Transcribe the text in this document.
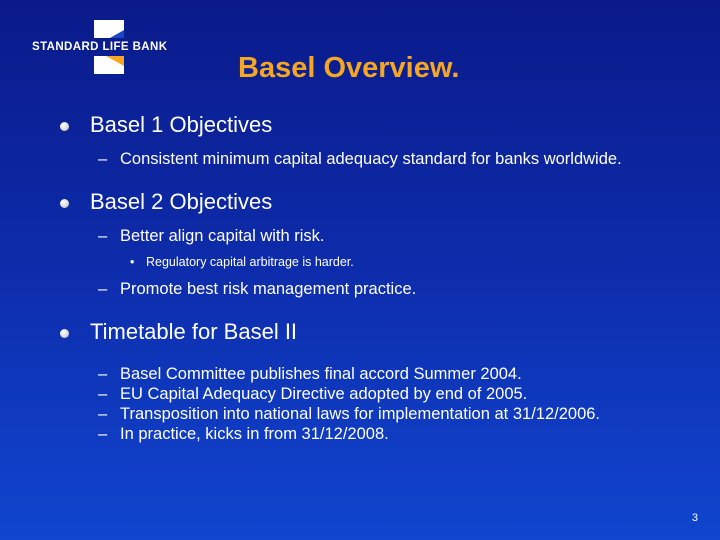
STANDARD LIFE BANK
Basel Overview.
Basel 1 Objectives
– Consistent minimum capital adequacy standard for banks worldwide.
Basel 2 Objectives
– Better align capital with risk.
• Regulatory capital arbitrage is harder.
– Promote best risk management practice.
Timetable for Basel II
– Basel Committee publishes final accord Summer 2004.
– EU Capital Adequacy Directive adopted by end of 2005.
– Transposition into national laws for implementation at 31/12/2006.
– In practice, kicks in from 31/12/2008.
3
